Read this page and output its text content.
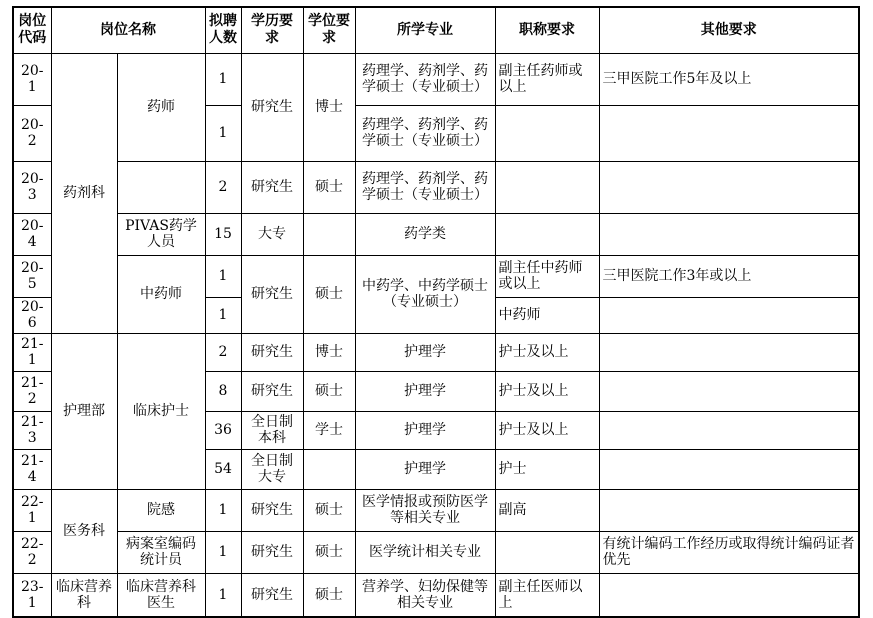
岗位代码	岗位名称		拟聘人数	学历要求	学位要求	所学专业	职称要求	其他要求
20-1	药剂科	药师	1	研究生	博士	药理学、药剂学、药学硕士（专业硕士）	副主任药师或以上	三甲医院工作5年及以上
20-2			1			药理学、药剂学、药学硕士（专业硕士）		
20-3			2	研究生	硕士	药理学、药剂学、药学硕士（专业硕士）		
20-4		PIVAS药学人员	15	大专		药学类		
20-5		中药师	1	研究生	硕士	中药学、中药学硕士（专业硕士）	副主任中药师或以上	三甲医院工作3年或以上
20-6			1				中药师	
21-1	护理部	临床护士	2	研究生	博士	护理学	护士及以上	
21-2			8	研究生	硕士	护理学	护士及以上	
21-3			36	全日制本科	学士	护理学	护士及以上	
21-4			54	全日制大专		护理学	护士	
22-1	医务科	院感	1	研究生	硕士	医学情报或预防医学等相关专业	副高	
22-2		病案室编码统计员	1	研究生	硕士	医学统计相关专业		有统计编码工作经历或取得统计编码证者优先
23-1	临床营养科	临床营养科医生	1	研究生	硕士	营养学、妇幼保健等相关专业	副主任医师以上	
